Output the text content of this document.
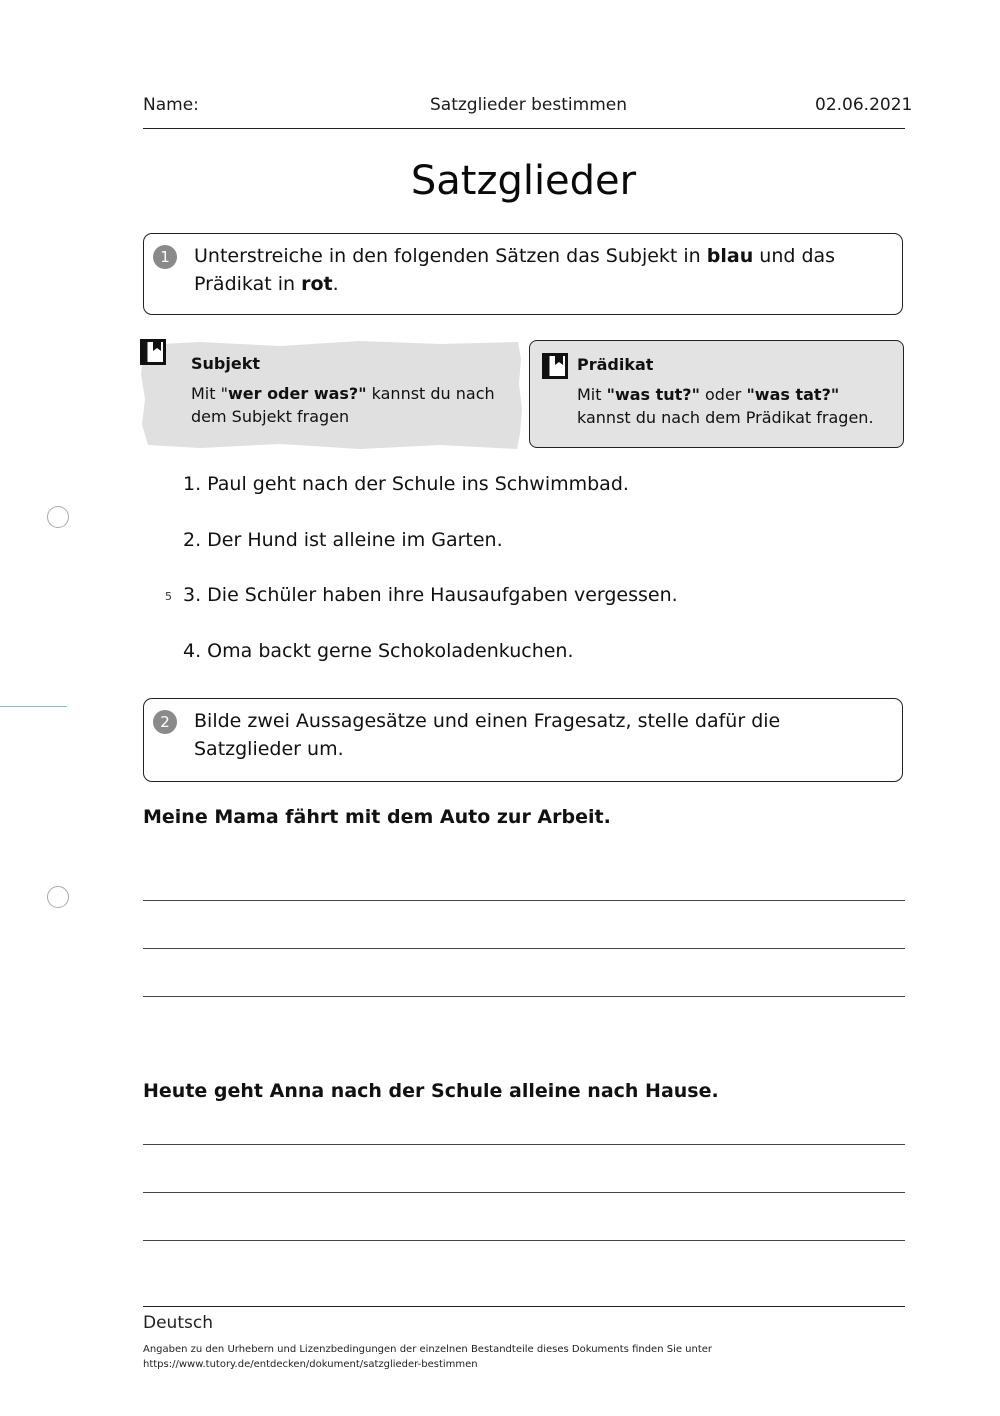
Name:	Satzglieder bestimmen	02.06.2021
Satzglieder
1	Unterstreiche in den folgenden Sätzen das Subjekt in blau und das Prädikat in rot.
Subjekt
Mit "wer oder was?" kannst du nach dem Subjekt fragen
Prädikat
Mit "was tut?" oder "was tat?" kannst du nach dem Prädikat fragen.
1. Paul geht nach der Schule ins Schwimmbad.
2. Der Hund ist alleine im Garten.
5 3. Die Schüler haben ihre Hausaufgaben vergessen.
4. Oma backt gerne Schokoladenkuchen.
2	Bilde zwei Aussagesätze und einen Fragesatz, stelle dafür die Satzglieder um.
Meine Mama fährt mit dem Auto zur Arbeit.
Heute geht Anna nach der Schule alleine nach Hause.
Deutsch
Angaben zu den Urhebern und Lizenzbedingungen der einzelnen Bestandteile dieses Dokuments finden Sie unter
https://www.tutory.de/entdecken/dokument/satzglieder-bestimmen
